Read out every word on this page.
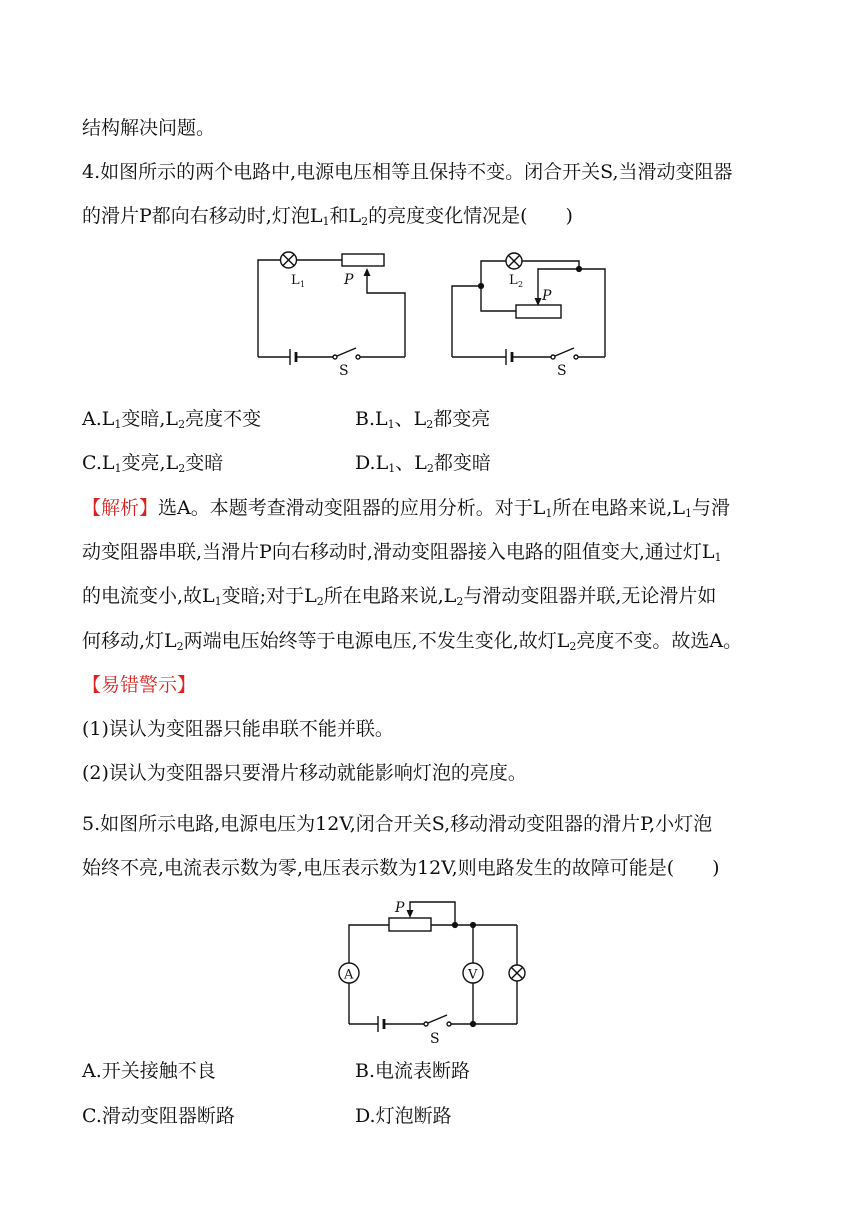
结构解决问题。
4.如图所示的两个电路中,电源电压相等且保持不变。闭合开关S,当滑动变阻器
的滑片P都向右移动时,灯泡$L_1$和$L_2$的亮度变化情况是(　　)
L 1	P
S
L 2
P
S
$A.L_1$变暗$,L_2$亮度不变	$B.L_1$、$L_2$都变亮
$C.L_1$变亮$,L_2$变暗	$D.L_1$、$L_2$都变暗
【解析】选A。本题考查滑动变阻器的应用分析。对于$L_1$所在电路来说$,L_1$与滑
动变阻器串联,当滑片P向右移动时,滑动变阻器接入电路的阻值变大,通过灯$L_1$
的电流变小,故$L_1$变暗;对于$L_2$所在电路来说$,L_2$与滑动变阻器并联,无论滑片如
何移动,灯$L_2$两端电压始终等于电源电压,不发生变化,故灯$L_2$亮度不变。故选A。
【易错警示】
(1)误认为变阻器只能串联不能并联。
(2)误认为变阻器只要滑片移动就能影响灯泡的亮度。
5.如图所示电路,电源电压为12V,闭合开关S,移动滑动变阻器的滑片P,小灯泡
始终不亮,电流表示数为零,电压表示数为12V,则电路发生的故障可能是(　　)
A	V
P
S
A.开关接触不良	B.电流表断路
C.滑动变阻器断路	D.灯泡断路
